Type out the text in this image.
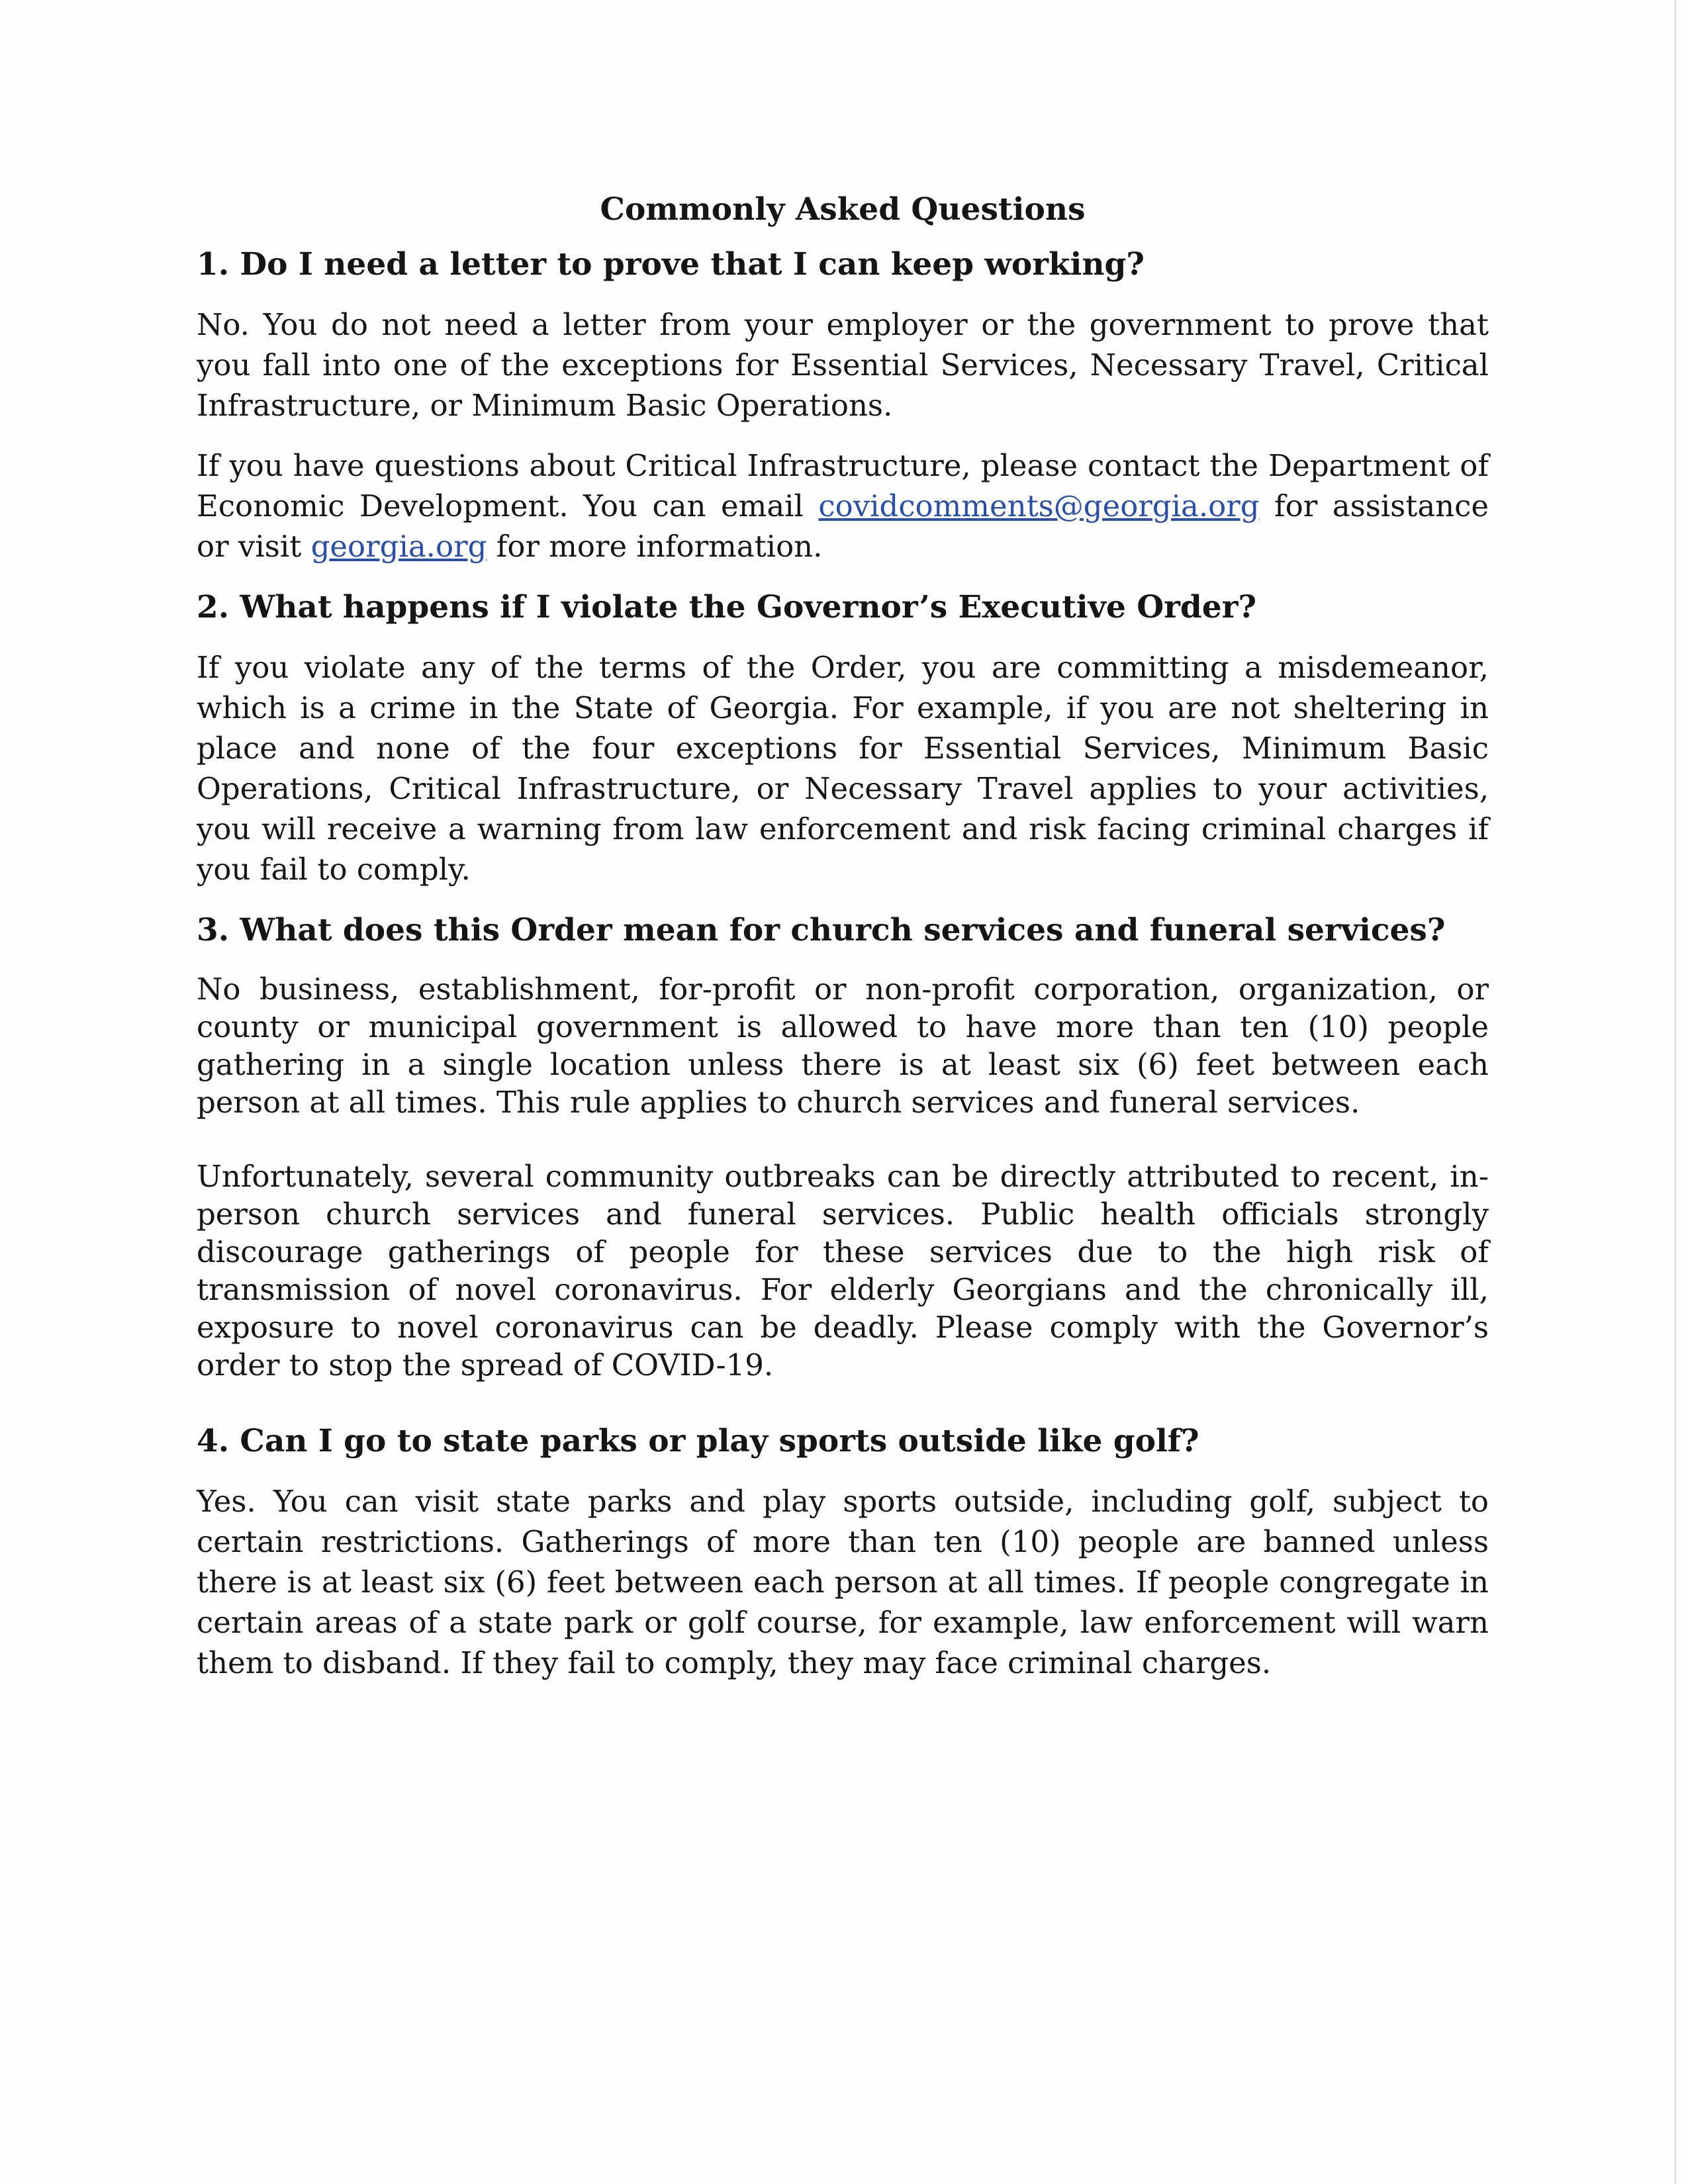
Commonly Asked Questions
1. Do I need a letter to prove that I can keep working?

No. You do not need a letter from your employer or the government to prove that you fall into one of the exceptions for Essential Services, Necessary Travel, Critical Infrastructure, or Minimum Basic Operations.

If you have questions about Critical Infrastructure, please contact the Department of Economic Development. You can email covidcomments@georgia.org for assistance or visit georgia.org for more information.

2. What happens if I violate the Governor’s Executive Order?

If you violate any of the terms of the Order, you are committing a misdemeanor, which is a crime in the State of Georgia. For example, if you are not sheltering in place and none of the four exceptions for Essential Services, Minimum Basic Operations, Critical Infrastructure, or Necessary Travel applies to your activities, you will receive a warning from law enforcement and risk facing criminal charges if you fail to comply.

3. What does this Order mean for church services and funeral services?

No business, establishment, for-profit or non-profit corporation, organization, or county or municipal government is allowed to have more than ten (10) people gathering in a single location unless there is at least six (6) feet between each person at all times. This rule applies to church services and funeral services.

Unfortunately, several community outbreaks can be directly attributed to recent, in-person church services and funeral services. Public health officials strongly discourage gatherings of people for these services due to the high risk of transmission of novel coronavirus. For elderly Georgians and the chronically ill, exposure to novel coronavirus can be deadly. Please comply with the Governor’s order to stop the spread of COVID-19.

4. Can I go to state parks or play sports outside like golf?

Yes. You can visit state parks and play sports outside, including golf, subject to certain restrictions. Gatherings of more than ten (10) people are banned unless there is at least six (6) feet between each person at all times. If people congregate in certain areas of a state park or golf course, for example, law enforcement will warn them to disband. If they fail to comply, they may face criminal charges.
